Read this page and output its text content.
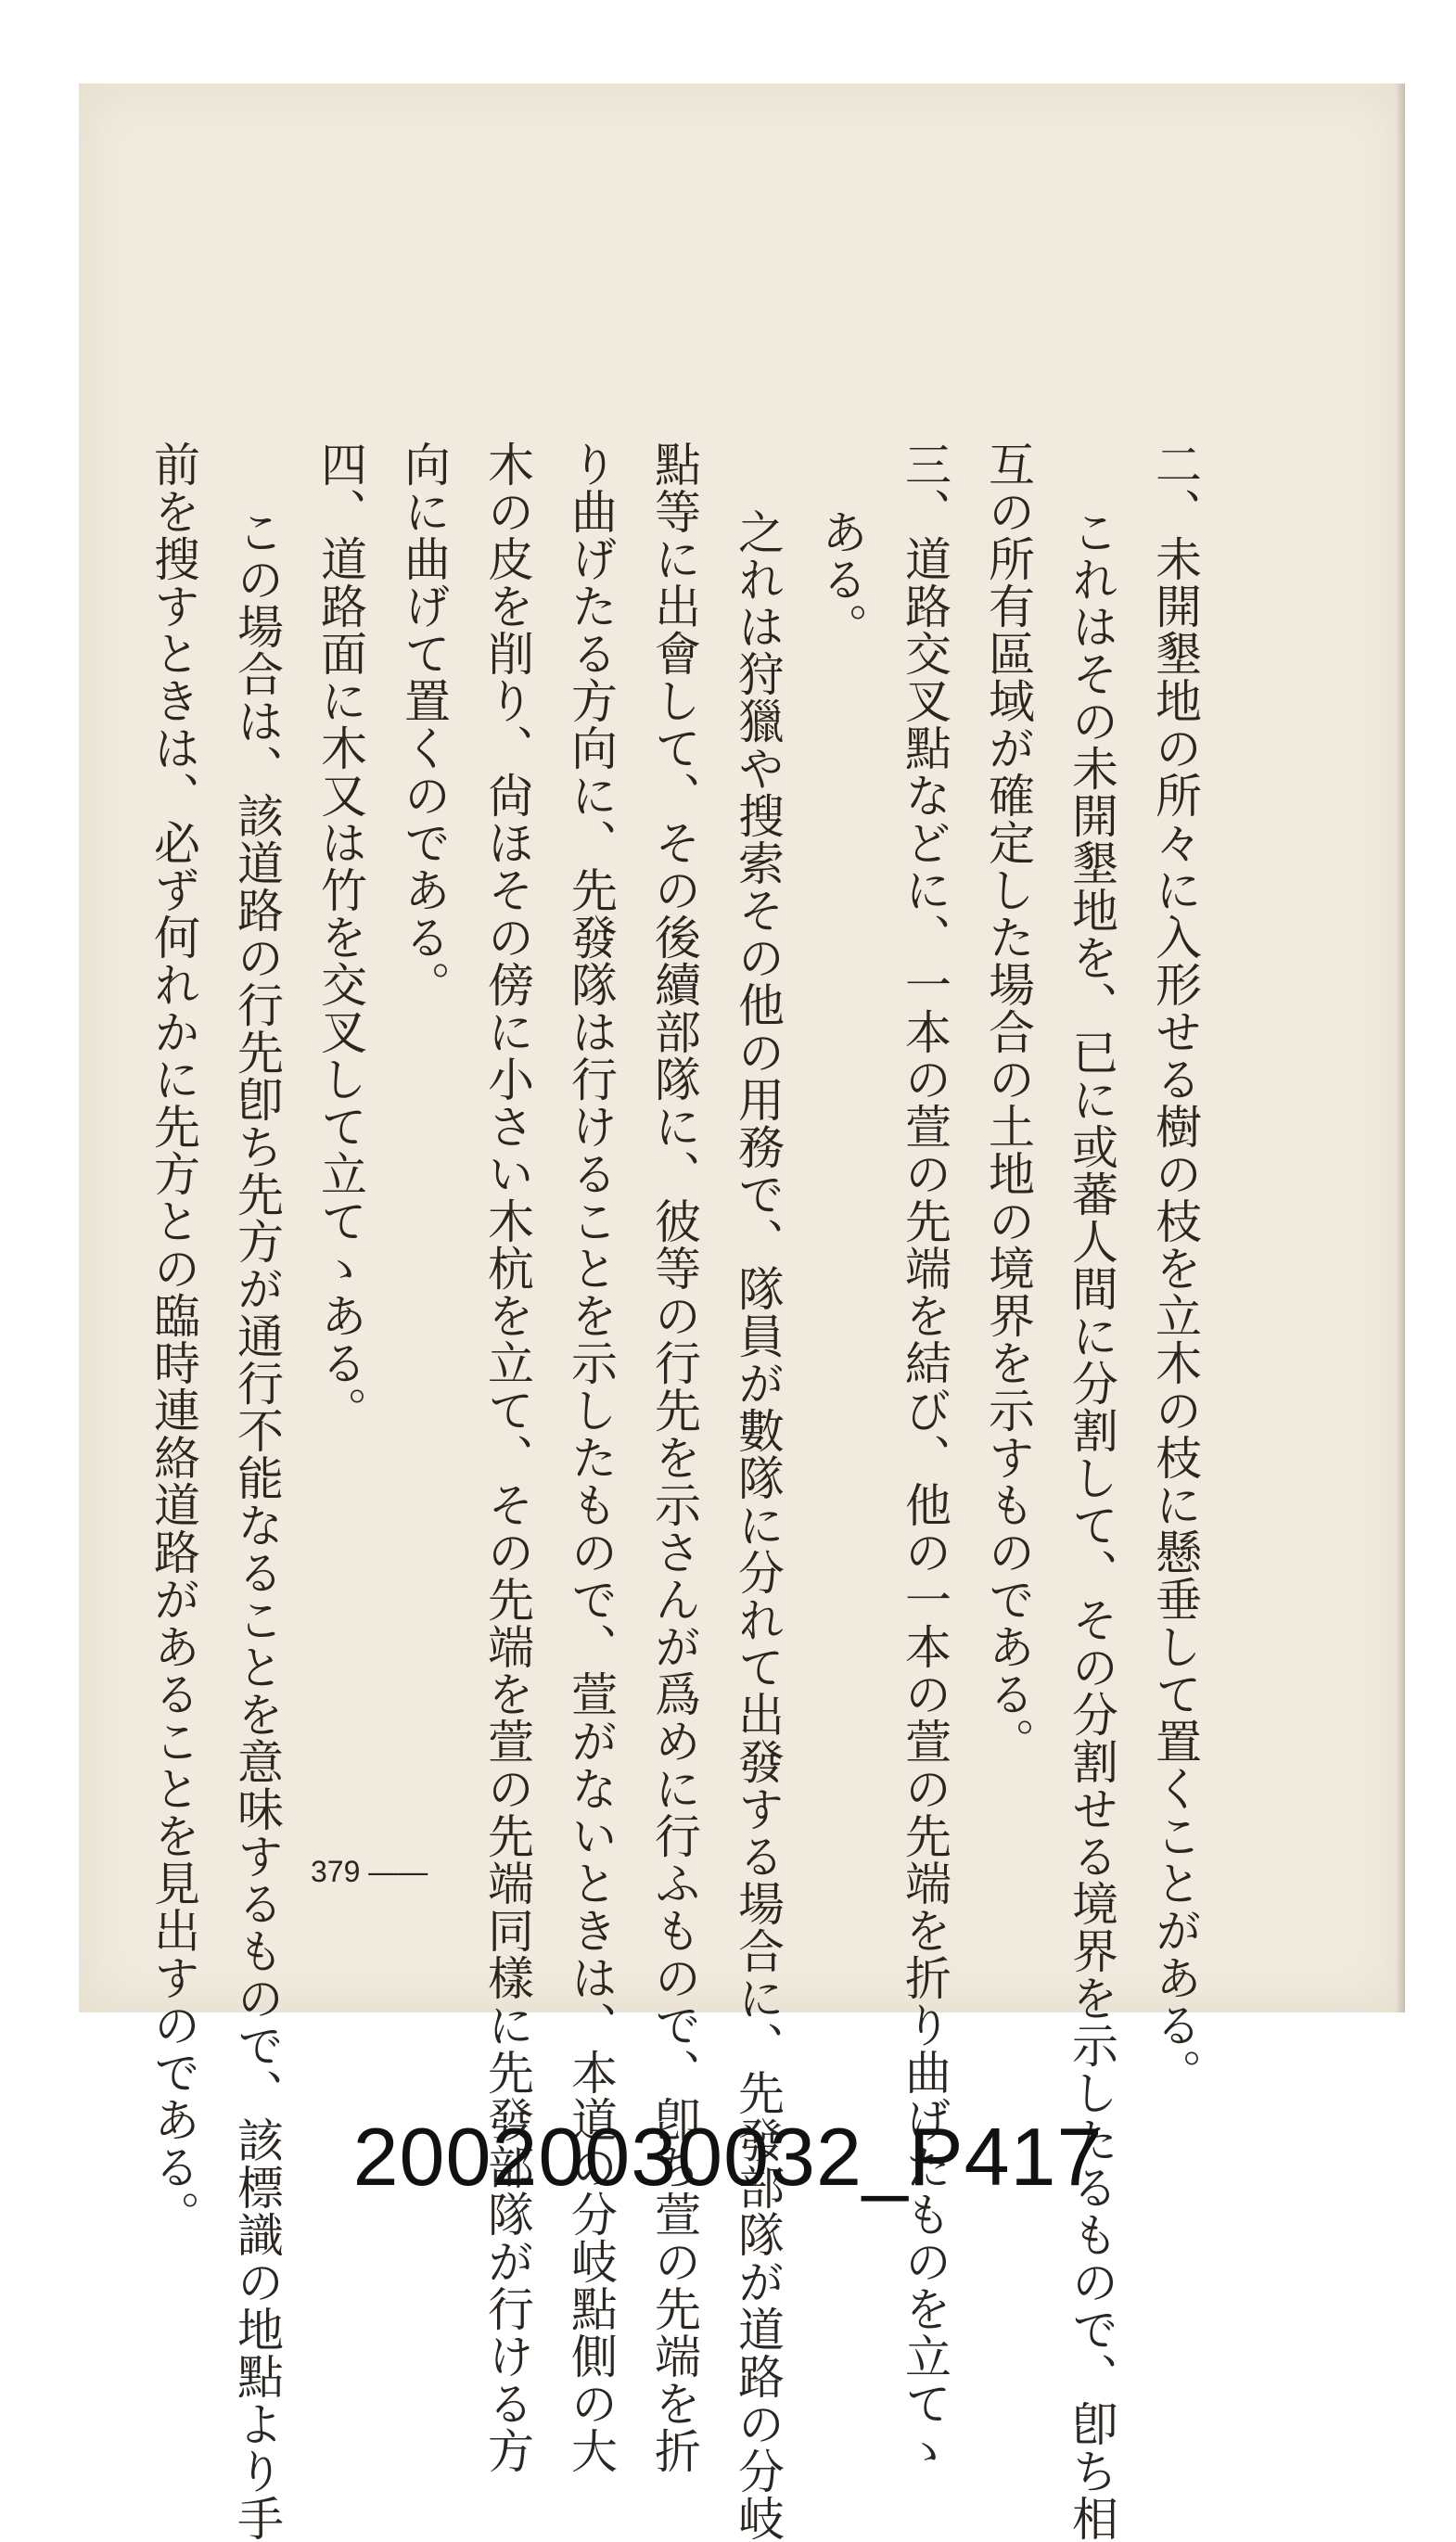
二、未開墾地の所々に入形せる樹の枝を立木の枝に懸垂して置くことがある。
これはその未開墾地を、已に或蕃人間に分割して、その分割せる境界を示したるもので、卽ち相
互の所有區域が確定した場合の土地の境界を示すものである。
三、道路交叉點などに、一本の萱の先端を結び、他の一本の萱の先端を折り曲げたものを立てゝ
ある。
之れは狩獵や搜索その他の用務で、隊員が數隊に分れて出發する場合に、先發部隊が道路の分岐
點等に出會して、その後續部隊に、彼等の行先を示さんが爲めに行ふもので、卽ち萱の先端を折
り曲げたる方向に、先發隊は行けることを示したもので、萱がないときは、本道の分岐點側の大
木の皮を削り、尙ほその傍に小さい木杭を立て、その先端を萱の先端同樣に先發部隊が行ける方
向に曲げて置くのである。
四、道路面に木又は竹を交叉して立てゝある。
この場合は、該道路の行先卽ち先方が通行不能なることを意味するもので、該標識の地點より手
前を搜すときは、必ず何れかに先方との臨時連絡道路があることを見出すのである。	379 ——
20020030032_P417
